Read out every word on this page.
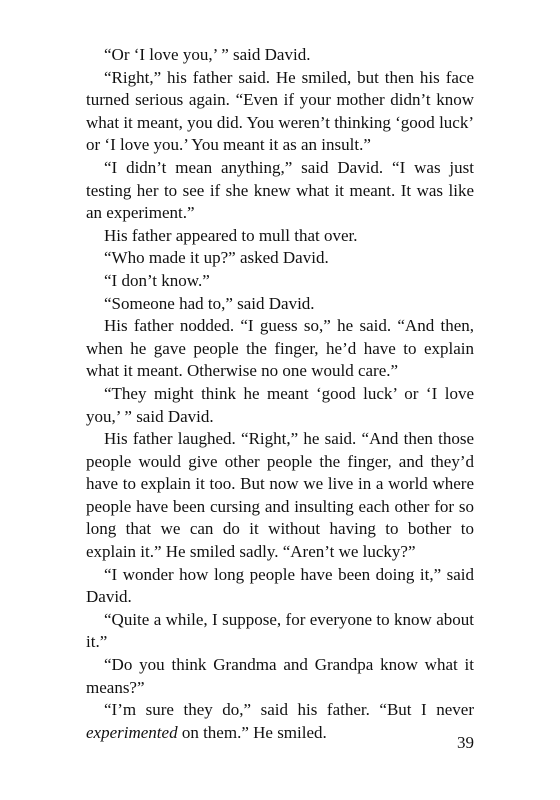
“Or ‘I love you,’ ” said David.

“Right,” his father said. He smiled, but then his face turned serious again. “Even if your mother didn’t know what it meant, you did. You weren’t thinking ‘good luck’ or ‘I love you.’ You meant it as an insult.”

“I didn’t mean anything,” said David. “I was just testing her to see if she knew what it meant. It was like an experiment.”

His father appeared to mull that over.

“Who made it up?” asked David.

“I don’t know.”

“Someone had to,” said David.

His father nodded. “I guess so,” he said. “And then, when he gave people the finger, he’d have to explain what it meant. Otherwise no one would care.”

“They might think he meant ‘good luck’ or ‘I love you,’ ” said David.

His father laughed. “Right,” he said. “And then those people would give other people the finger, and they’d have to explain it too. But now we live in a world where people have been cursing and insulting each other for so long that we can do it without having to bother to explain it.” He smiled sadly. “Aren’t we lucky?”

“I wonder how long people have been doing it,” said David.

“Quite a while, I suppose, for everyone to know about it.”

“Do you think Grandma and Grandpa know what it means?”

“I’m sure they do,” said his father. “But I never experimented on them.” He smiled.

39
